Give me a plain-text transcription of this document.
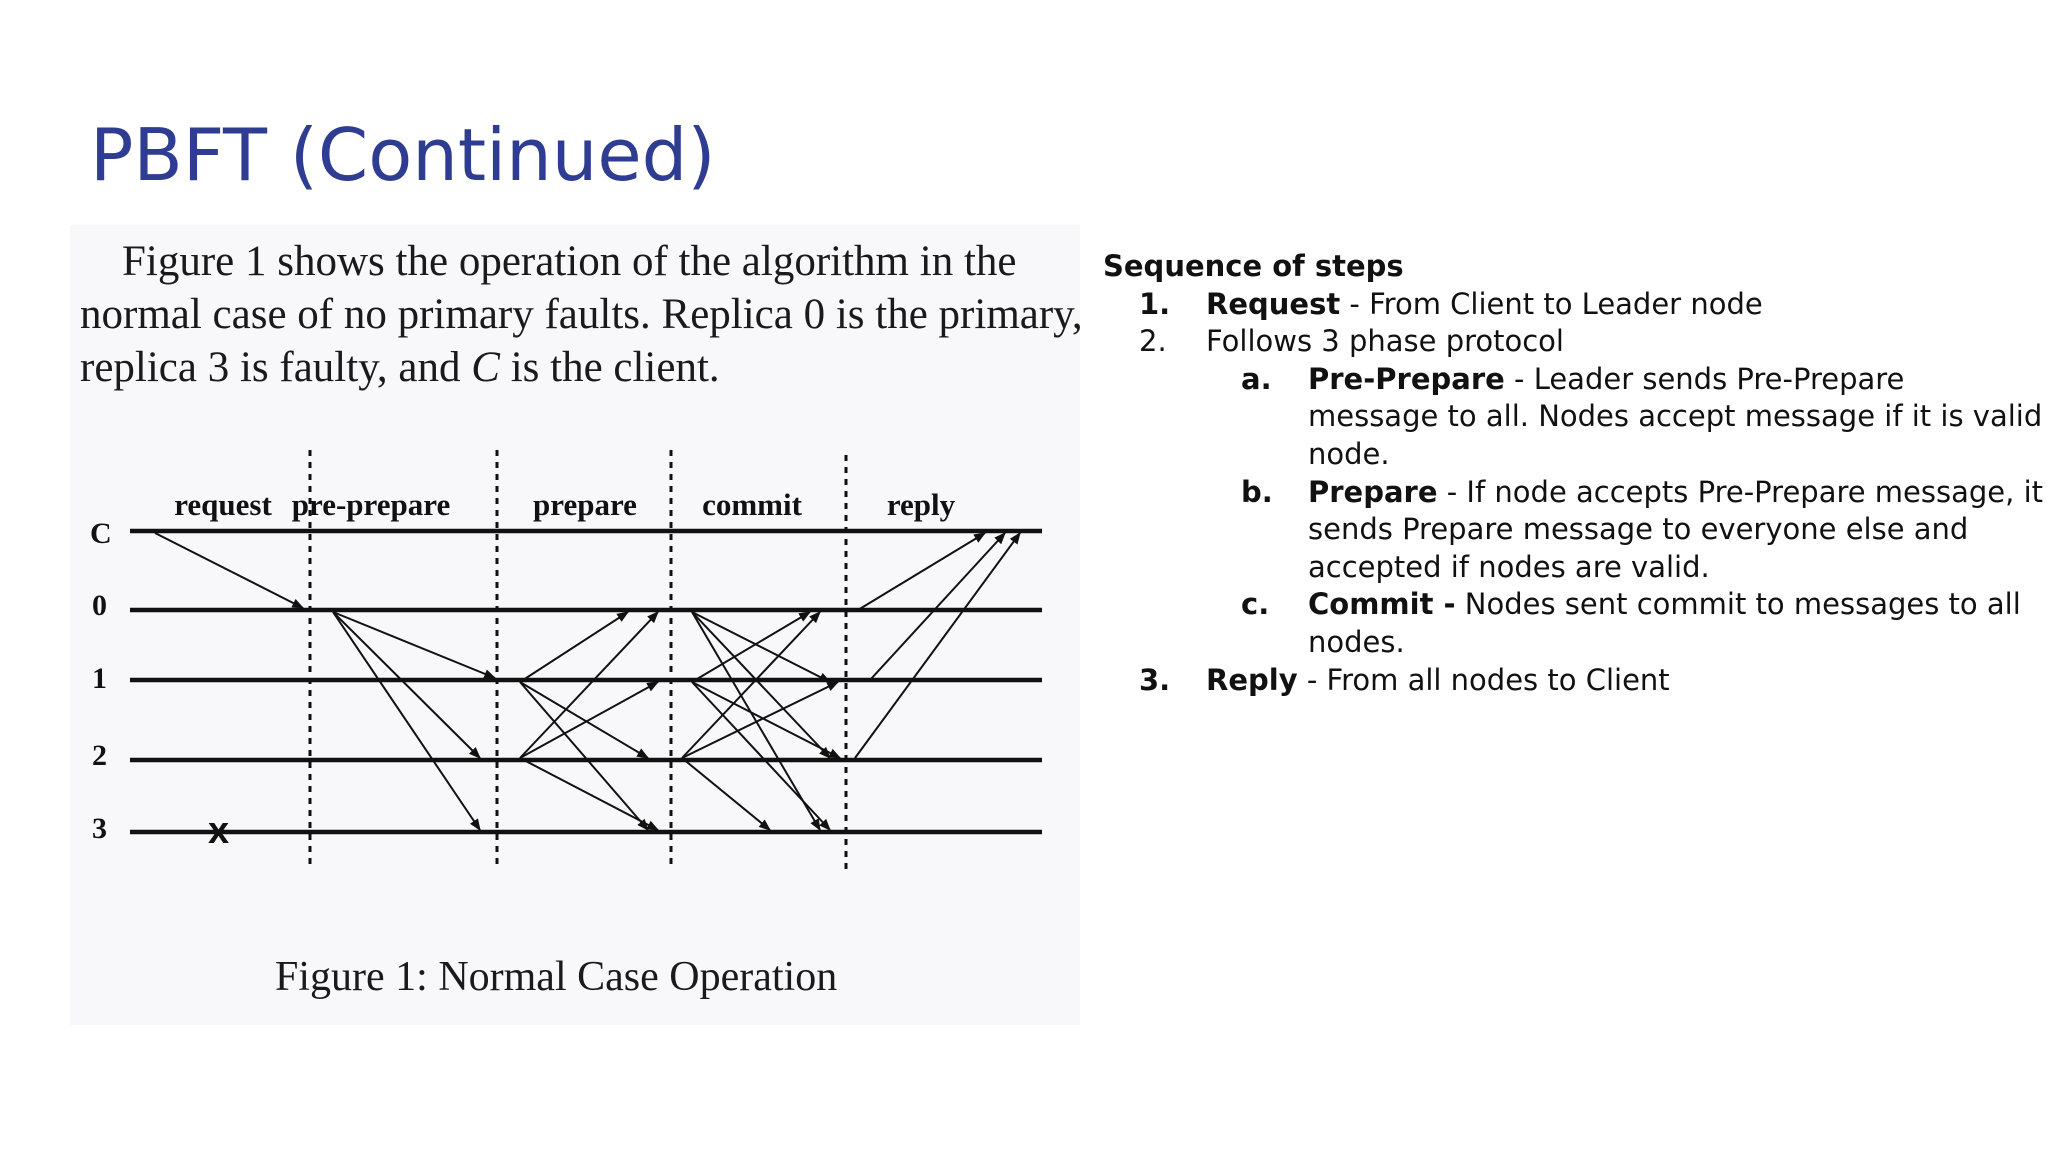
PBFT (Continued)
Figure 1 shows the operation of the algorithm in the
normal case of no primary faults. Replica 0 is the primary,
replica 3 is faulty, and C is the client.
request pre-prepare	prepare commit	reply
C
0
1
2
3	x
Figure 1: Normal Case Operation
Sequence of steps
1. Request - From Client to Leader node
2. Follows 3 phase protocol
a. Pre-Prepare - Leader sends Pre-Prepare message to all. Nodes accept message if it is valid node.
b. Prepare - If node accepts Pre-Prepare message, it sends Prepare message to everyone else and accepted if nodes are valid.
c. Commit - Nodes sent commit to messages to all nodes.
3. Reply - From all nodes to Client
